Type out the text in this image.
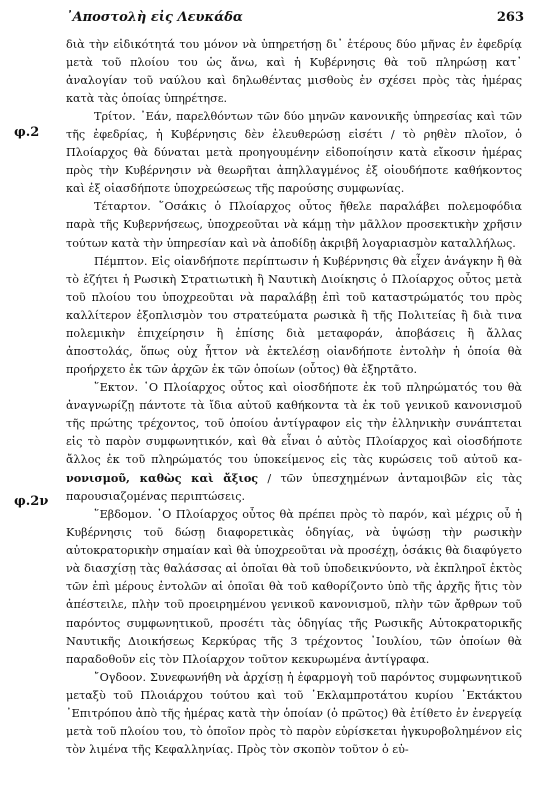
᾿Αποστολὴ εἰς Λευκάδα	263
φ.2
φ.2ν

διὰ τὴν εἰδικότητά του μόνον νὰ ὑπηρετήσῃ δι᾿ ἑτέρους δύο μῆνας ἐν ἐφεδρίᾳ μετὰ τοῦ πλοίου του ὡς ἄνω, καὶ ἡ Κυβέρνησις θὰ τοῦ πληρώσῃ κατ᾿ ἀναλογίαν τοῦ ναύλου καὶ δηλωθέντας μισθοὺς ἐν σχέσει πρὸς τὰς ἡμέρας κατὰ τὰς ὁποίας ὑπηρέτησε.

Τρίτον. ᾿Εάν, παρελθόντων τῶν δύο μηνῶν κανονικῆς ὑπηρεσίας καὶ τῶν τῆς ἐφεδρίας, ἡ Κυβέρνησις δὲν ἐλευθερώσῃ εἰσέτι / τὸ ρηθὲν πλοῖον, ὁ Πλοίαρχος θὰ δύναται μετὰ προηγουμένην εἰδοποίησιν κατὰ εἴκοσιν ἡμέρας πρὸς τὴν Κυβέρνησιν νὰ θεωρῆται ἀπηλλαγμένος ἐξ οἱουδήποτε καθήκοντος καὶ ἐξ οἱασδήποτε ὑποχρεώσεως τῆς παρούσης συμφωνίας.

Τέταρτον. ῞Οσάκις ὁ Πλοίαρχος οὗτος ἤθελε παραλάβει πολεμοφόδια παρὰ τῆς Κυβερνήσεως, ὑποχρεοῦται νὰ κάμῃ τὴν μᾶλλον προσεκτικὴν χρῆσιν τούτων κατὰ τὴν ὑπηρεσίαν καὶ νὰ ἀποδίδῃ ἀκριβῆ λογαριασμὸν καταλλήλως.

Πέμπτον. Εἰς οἱανδήποτε περίπτωσιν ἡ Κυβέρνησις θὰ εἶχεν ἀνάγκην ἢ θὰ τὸ ἐζήτει ἡ Ρωσικὴ Στρατιωτικὴ ἢ Ναυτικὴ Διοίκησις ὁ Πλοίαρχος οὗτος μετὰ τοῦ πλοίου του ὑποχρεοῦται νὰ παραλάβῃ ἐπὶ τοῦ καταστρώματός του πρὸς καλλίτερον ἐξοπλισμὸν του στρατεύματα ρωσικὰ ἢ τῆς Πολιτείας ἢ διὰ τινα πολεμικὴν ἐπιχείρησιν ἢ ἐπίσης διὰ μεταφοράν, ἀποβάσεις ἢ ἄλλας ἀποστολάς, ὅπως οὐχ ἧττον νὰ ἐκτελέσῃ οἱανδήποτε ἐντολὴν ἡ ὁποία θὰ προήρχετο ἐκ τῶν ἀρχῶν ἐκ τῶν ὁποίων (οὗτος) θὰ ἐξηρτᾶτο.

῞Εκτον. ῾Ο Πλοίαρχος οὗτος καὶ οἱοσδήποτε ἐκ τοῦ πληρώματός του θὰ ἀναγνωρίζῃ πάντοτε τὰ ἴδια αὐτοῦ καθήκοντα τὰ ἐκ τοῦ γενικοῦ κανονισμοῦ τῆς πρώτης τρέχοντος, τοῦ ὁποίου ἀντίγραφον εἰς τὴν ἑλληνικὴν συνάπτεται εἰς τὸ παρὸν συμφωνητικόν, καὶ θὰ εἶναι ὁ αὐτὸς Πλοίαρχος καὶ οἱοσδήποτε ἄλλος ἐκ τοῦ πληρώματός του ὑποκείμενος εἰς τὰς κυρώσεις τοῦ αὐτοῦ κα-νονισμοῦ, καθὼς καὶ ἄξιος / τῶν ὑπεσχημένων ἀνταμοιβῶν εἰς τὰς παρουσιαζομένας περιπτώσεις.

῞Εβδομον. ῾Ο Πλοίαρχος οὗτος θὰ πρέπει πρὸς τὸ παρόν, καὶ μέχρις οὗ ἡ Κυβέρνησις τοῦ δώσῃ διαφορετικὰς ὁδηγίας, νὰ ὑψώσῃ τὴν ρωσικὴν αὐτοκρατορικὴν σημαίαν καὶ θὰ ὑποχρεοῦται νὰ προσέχῃ, ὁσάκις θὰ διαφύγετο νὰ διασχίσῃ τὰς θαλάσσας αἱ ὁποῖαι θὰ τοῦ ὑποδεικνύοντο, νὰ ἐκπληροῖ ἐκτὸς τῶν ἐπὶ μέρους ἐντολῶν αἱ ὁποῖαι θὰ τοῦ καθορίζοντο ὑπὸ τῆς ἀρχῆς ἥτις τὸν ἀπέστειλε, πλὴν τοῦ προειρημένου γενικοῦ κανονισμοῦ, πλὴν τῶν ἄρθρων τοῦ παρόντος συμφωνητικοῦ, προσέτι τὰς ὁδηγίας τῆς Ρωσικῆς Αὐτοκρατορικῆς Ναυτικῆς Διοικήσεως Κερκύρας τῆς 3 τρέχοντος ᾿Ιουλίου, τῶν ὁποίων θὰ παραδοθοῦν εἰς τὸν Πλοίαρχον τοῦτον κεκυρωμένα ἀντίγραφα.

῎Ογδοον. Συνεφωνήθη νὰ ἀρχίσῃ ἡ ἐφαρμογὴ τοῦ παρόντος συμφωνητικοῦ μεταξὺ τοῦ Πλοιάρχου τούτου καὶ τοῦ ᾿Εκλαμπροτάτου κυρίου ᾿Εκτάκτου ᾿Επιτρόπου ἀπὸ τῆς ἡμέρας κατὰ τὴν ὁποίαν (ὁ πρῶτος) θὰ ἐτίθετο ἐν ἐνεργείᾳ μετὰ τοῦ πλοίου του, τὸ ὁποῖον πρὸς τὸ παρὸν εὑρίσκεται ἠγκυροβολημένον εἰς τὸν λιμένα τῆς Κεφαλληνίας. Πρὸς τὸν σκοπὸν τοῦτον ὁ εὐ-
